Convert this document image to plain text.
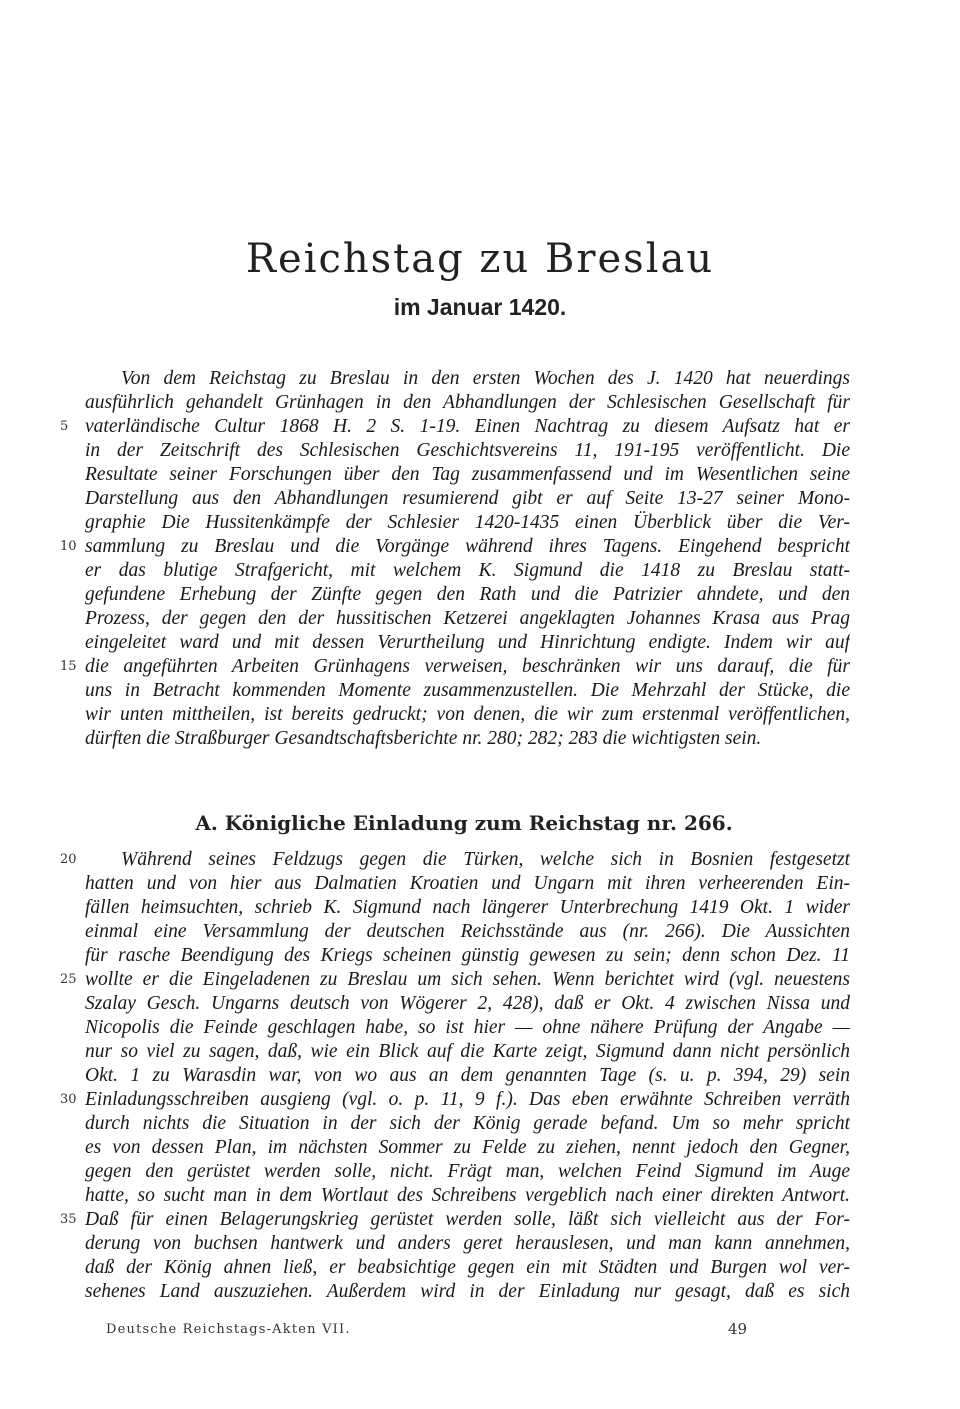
Reichstag zu Breslau
im Januar 1420.
Von dem Reichstag zu Breslau in den ersten Wochen des J. 1420 hat neuerdings
ausführlich gehandelt Grünhagen in den Abhandlungen der Schlesischen Gesellschaft für
vaterländische Cultur 1868 H. 2 S. 1-19. Einen Nachtrag zu diesem Aufsatz hat er
in der Zeitschrift des Schlesischen Geschichtsvereins 11, 191-195 veröffentlicht. Die
Resultate seiner Forschungen über den Tag zusammenfassend und im Wesentlichen seine
Darstellung aus den Abhandlungen resumierend gibt er auf Seite 13-27 seiner Mono-
graphie Die Hussitenkämpfe der Schlesier 1420-1435 einen Überblick über die Ver-
sammlung zu Breslau und die Vorgänge während ihres Tagens. Eingehend bespricht
er das blutige Strafgericht, mit welchem K. Sigmund die 1418 zu Breslau statt-
gefundene Erhebung der Zünfte gegen den Rath und die Patrizier ahndete, und den
Prozess, der gegen den der hussitischen Ketzerei angeklagten Johannes Krasa aus Prag
eingeleitet ward und mit dessen Verurtheilung und Hinrichtung endigte. Indem wir auf
die angeführten Arbeiten Grünhagens verweisen, beschränken wir uns darauf, die für
uns in Betracht kommenden Momente zusammenzustellen. Die Mehrzahl der Stücke, die
wir unten mittheilen, ist bereits gedruckt; von denen, die wir zum erstenmal veröffentlichen,
dürften die Straßburger Gesandtschaftsberichte nr. 280; 282; 283 die wichtigsten sein.
5
10
15
A. Königliche Einladung zum Reichstag nr. 266.
Während seines Feldzugs gegen die Türken, welche sich in Bosnien festgesetzt
hatten und von hier aus Dalmatien Kroatien und Ungarn mit ihren verheerenden Ein-
fällen heimsuchten, schrieb K. Sigmund nach längerer Unterbrechung 1419 Okt. 1 wider
einmal eine Versammlung der deutschen Reichsstände aus (nr. 266). Die Aussichten
für rasche Beendigung des Kriegs scheinen günstig gewesen zu sein; denn schon Dez. 11
wollte er die Eingeladenen zu Breslau um sich sehen. Wenn berichtet wird (vgl. neuestens
Szalay Gesch. Ungarns deutsch von Wögerer 2, 428), daß er Okt. 4 zwischen Nissa und
Nicopolis die Feinde geschlagen habe, so ist hier — ohne nähere Prüfung der Angabe —
nur so viel zu sagen, daß, wie ein Blick auf die Karte zeigt, Sigmund dann nicht persönlich
Okt. 1 zu Warasdin war, von wo aus an dem genannten Tage (s. u. p. 394, 29) sein
Einladungsschreiben ausgieng (vgl. o. p. 11, 9 f.). Das eben erwähnte Schreiben verräth
durch nichts die Situation in der sich der König gerade befand. Um so mehr spricht
es von dessen Plan, im nächsten Sommer zu Felde zu ziehen, nennt jedoch den Gegner,
gegen den gerüstet werden solle, nicht. Frägt man, welchen Feind Sigmund im Auge
hatte, so sucht man in dem Wortlaut des Schreibens vergeblich nach einer direkten Antwort.
Daß für einen Belagerungskrieg gerüstet werden solle, läßt sich vielleicht aus der For-
derung von buchsen hantwerk und anders geret herauslesen, und man kann annehmen,
daß der König ahnen ließ, er beabsichtige gegen ein mit Städten und Burgen wol ver-
sehenes Land auszuziehen. Außerdem wird in der Einladung nur gesagt, daß es sich
20
25
30
35
Deutsche Reichstags-Akten VII.	49
